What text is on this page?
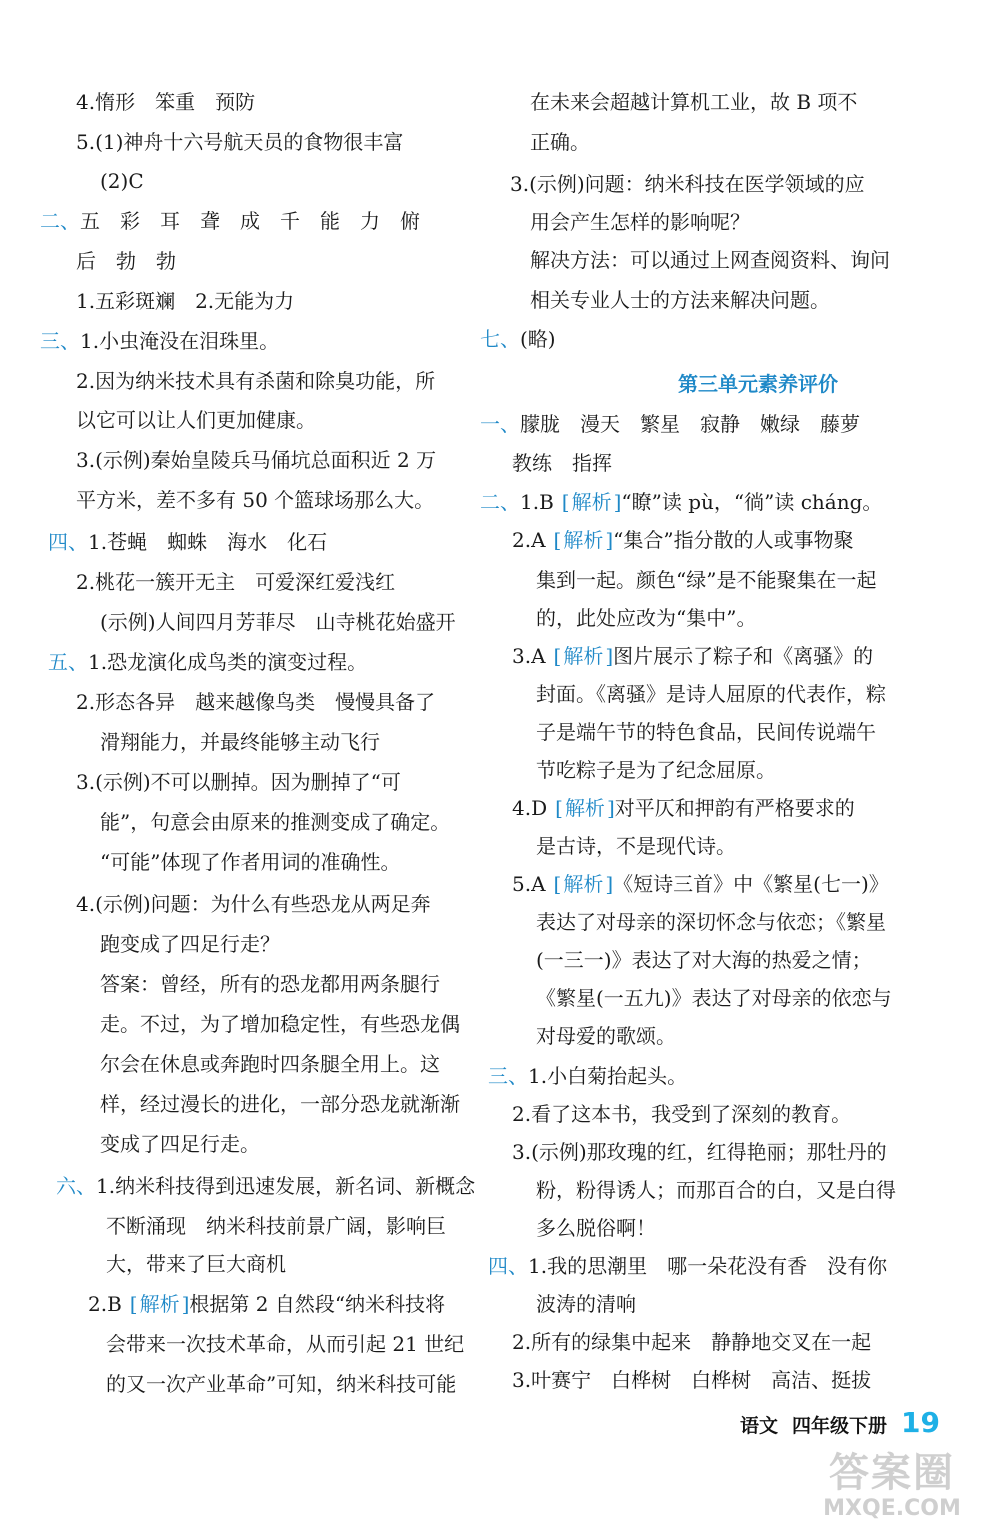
4.惰形　笨重　预防
5.(1)神舟十六号航天员的食物很丰富
(2)C
二、五　彩　耳　聋　成　千　能　力　俯
后　勃　勃
1.五彩斑斓　2.无能为力
三、1.小虫淹没在泪珠里。
2.因为纳米技术具有杀菌和除臭功能，所
以它可以让人们更加健康。
3.(示例)秦始皇陵兵马俑坑总面积近 2 万
平方米，差不多有 50 个篮球场那么大。
四、1.苍蝇　蜘蛛　海水　化石
2.桃花一簇开无主　可爱深红爱浅红
(示例)人间四月芳菲尽　山寺桃花始盛开
五、1.恐龙演化成鸟类的演变过程。
2.形态各异　越来越像鸟类　慢慢具备了
滑翔能力，并最终能够主动飞行
3.(示例)不可以删掉。因为删掉了“可
能”，句意会由原来的推测变成了确定。
“可能”体现了作者用词的准确性。
4.(示例)问题：为什么有些恐龙从两足奔
跑变成了四足行走？
答案：曾经，所有的恐龙都用两条腿行
走。不过，为了增加稳定性，有些恐龙偶
尔会在休息或奔跑时四条腿全用上。这
样，经过漫长的进化，一部分恐龙就渐渐
变成了四足行走。
六、1.纳米科技得到迅速发展，新名词、新概念
不断涌现　纳米科技前景广阔，影响巨
大，带来了巨大商机
2.B [ 解析 ] 根据第 2 自然段“纳米科技将
会带来一次技术革命，从而引起 21 世纪
的又一次产业革命”可知，纳米科技可能
在未来会超越计算机工业，故 B 项不
正确。
3.(示例)问题：纳米科技在医学领域的应
用会产生怎样的影响呢？
解决方法：可以通过上网查阅资料、询问
相关专业人士的方法来解决问题。
七、(略)
第三单元素养评价
一、朦胧　漫天　繁星　寂静　嫩绿　藤萝
教练　指挥
二、1.B [ 解析 ] “瞭”读 pù，“徜”读 cháng。
2.A [ 解析 ] “集合”指分散的人或事物聚
集到一起。颜色“绿”是不能聚集在一起
的，此处应改为“集中”。
3.A [ 解析 ] 图片展示了粽子和《离骚》的
封面。《离骚》是诗人屈原的代表作，粽
子是端午节的特色食品，民间传说端午
节吃粽子是为了纪念屈原。
4.D [ 解析 ] 对平仄和押韵有严格要求的
是古诗，不是现代诗。
5.A [ 解析 ] 《短诗三首》中《繁星(七一)》
表达了对母亲的深切怀念与依恋；《繁星
(一三一)》表达了对大海的热爱之情；
《繁星(一五九)》表达了对母亲的依恋与
对母爱的歌颂。
三、1.小白菊抬起头。
2.看了这本书，我受到了深刻的教育。
3.(示例)那玫瑰的红，红得艳丽；那牡丹的
粉，粉得诱人；而那百合的白，又是白得
多么脱俗啊！
四、1.我的思潮里　哪一朵花没有香　没有你
波涛的清响
2.所有的绿集中起来　静静地交叉在一起
3.叶赛宁　白桦树　白桦树　高洁、挺拔
语文 四年级下册 19
答案圈
MXQE.COM
